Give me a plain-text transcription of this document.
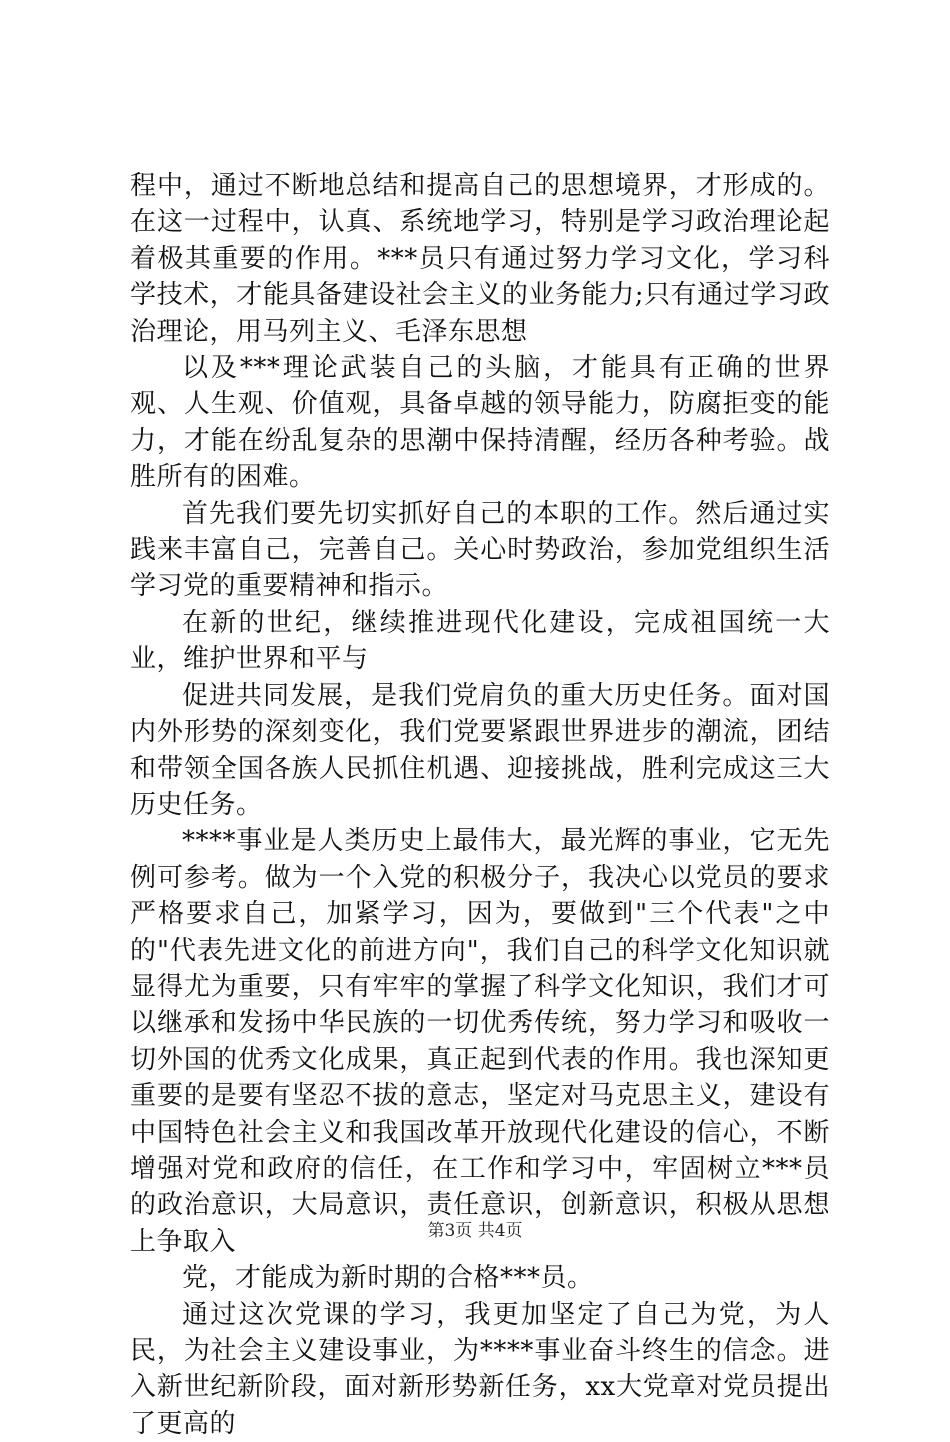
程中，通过不断地总结和提高自己的思想境界，才形成的。在这一过程中，认真、系统地学习，特别是学习政治理论起着极其重要的作用。***员只有通过努力学习文化，学习科学技术，才能具备建设社会主义的业务能力;只有通过学习政治理论，用马列主义、毛泽东思想

以及***理论武装自己的头脑，才能具有正确的世界观、人生观、价值观，具备卓越的领导能力，防腐拒变的能力，才能在纷乱复杂的思潮中保持清醒，经历各种考验。战胜所有的困难。

首先我们要先切实抓好自己的本职的工作。然后通过实践来丰富自己，完善自己。关心时势政治，参加党组织生活学习党的重要精神和指示。

在新的世纪，继续推进现代化建设，完成祖国统一大业，维护世界和平与

促进共同发展，是我们党肩负的重大历史任务。面对国内外形势的深刻变化，我们党要紧跟世界进步的潮流，团结和带领全国各族人民抓住机遇、迎接挑战，胜利完成这三大历史任务。

****事业是人类历史上最伟大，最光辉的事业，它无先例可参考。做为一个入党的积极分子，我决心以党员的要求严格要求自己，加紧学习，因为，要做到"三个代表"之中的"代表先进文化的前进方向"，我们自己的科学文化知识就显得尤为重要，只有牢牢的掌握了科学文化知识，我们才可以继承和发扬中华民族的一切优秀传统，努力学习和吸收一切外国的优秀文化成果，真正起到代表的作用。我也深知更重要的是要有坚忍不拔的意志，坚定对马克思主义，建设有中国特色社会主义和我国改革开放现代化建设的信心，不断增强对党和政府的信任，在工作和学习中，牢固树立***员的政治意识，大局意识，责任意识，创新意识，积极从思想上争取入

党，才能成为新时期的合格***员。

通过这次党课的学习，我更加坚定了自己为党，为人民，为社会主义建设事业，为****事业奋斗终生的信念。进入新世纪新阶段，面对新形势新任务，xx大党章对党员提出了更高的

第3页 共4页
